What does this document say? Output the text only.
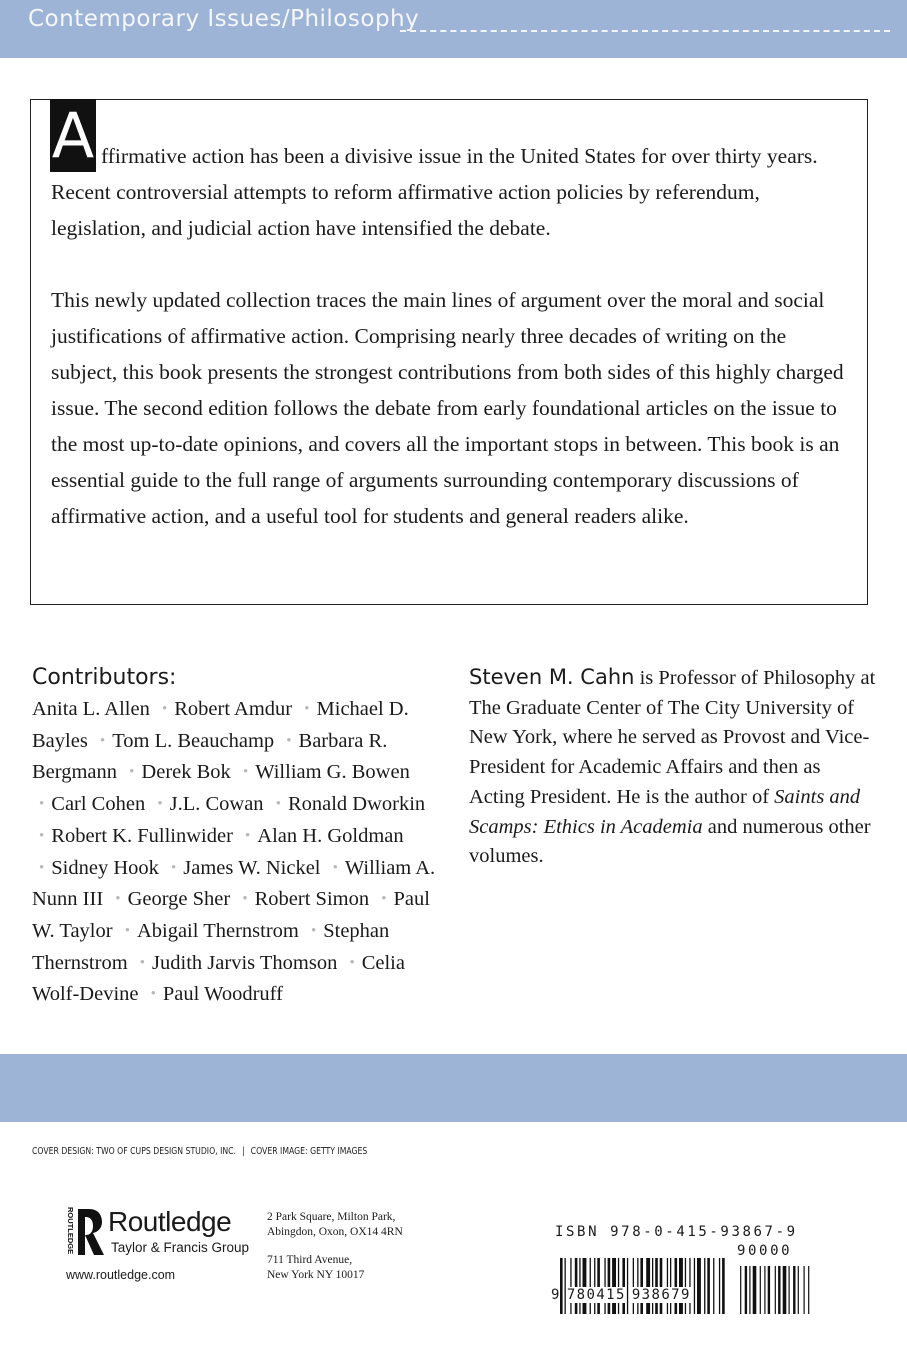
Contemporary Issues/Philosophy
A ffirmative action has been a divisive issue in the United States for over thirty years. Recent controversial attempts to reform affirmative action policies by referendum, legislation, and judicial action have intensified the debate.

This newly updated collection traces the main lines of argument over the moral and social justifications of affirmative action. Comprising nearly three decades of writing on the subject, this book presents the strongest contributions from both sides of this highly charged issue. The second edition follows the debate from early foundational articles on the issue to the most up-to-date opinions, and covers all the important stops in between. This book is an essential guide to the full range of arguments surrounding contemporary discussions of affirmative action, and a useful tool for students and general readers alike.

Contributors:
Anita L. Allen • Robert Amdur • Michael D. Bayles • Tom L. Beauchamp • Barbara R. Bergmann • Derek Bok • William G. Bowen • Carl Cohen • J.L. Cowan • Ronald Dworkin • Robert K. Fullinwider • Alan H. Goldman • Sidney Hook • James W. Nickel • William A. Nunn III • George Sher • Robert Simon • Paul W. Taylor • Abigail Thernstrom • Stephan Thernstrom • Judith Jarvis Thomson • Celia Wolf-Devine • Paul Woodruff
Steven M. Cahn is Professor of Philosophy at The Graduate Center of The City University of New York, where he served as Provost and Vice-President for Academic Affairs and then as Acting President. He is the author of Saints and Scamps: Ethics in Academia and numerous other volumes.
COVER DESIGN: TWO OF CUPS DESIGN STUDIO, INC. | COVER IMAGE: GETTY IMAGES
ROUTLEDGE Routledge
Taylor & Francis Group
www.routledge.com
2 Park Square, Milton Park,
Abingdon, Oxon, OX14 4RN
711 Third Avenue,
New York NY 10017
ISBN 978-0-415-93867-9
90000
9 780415 938679
